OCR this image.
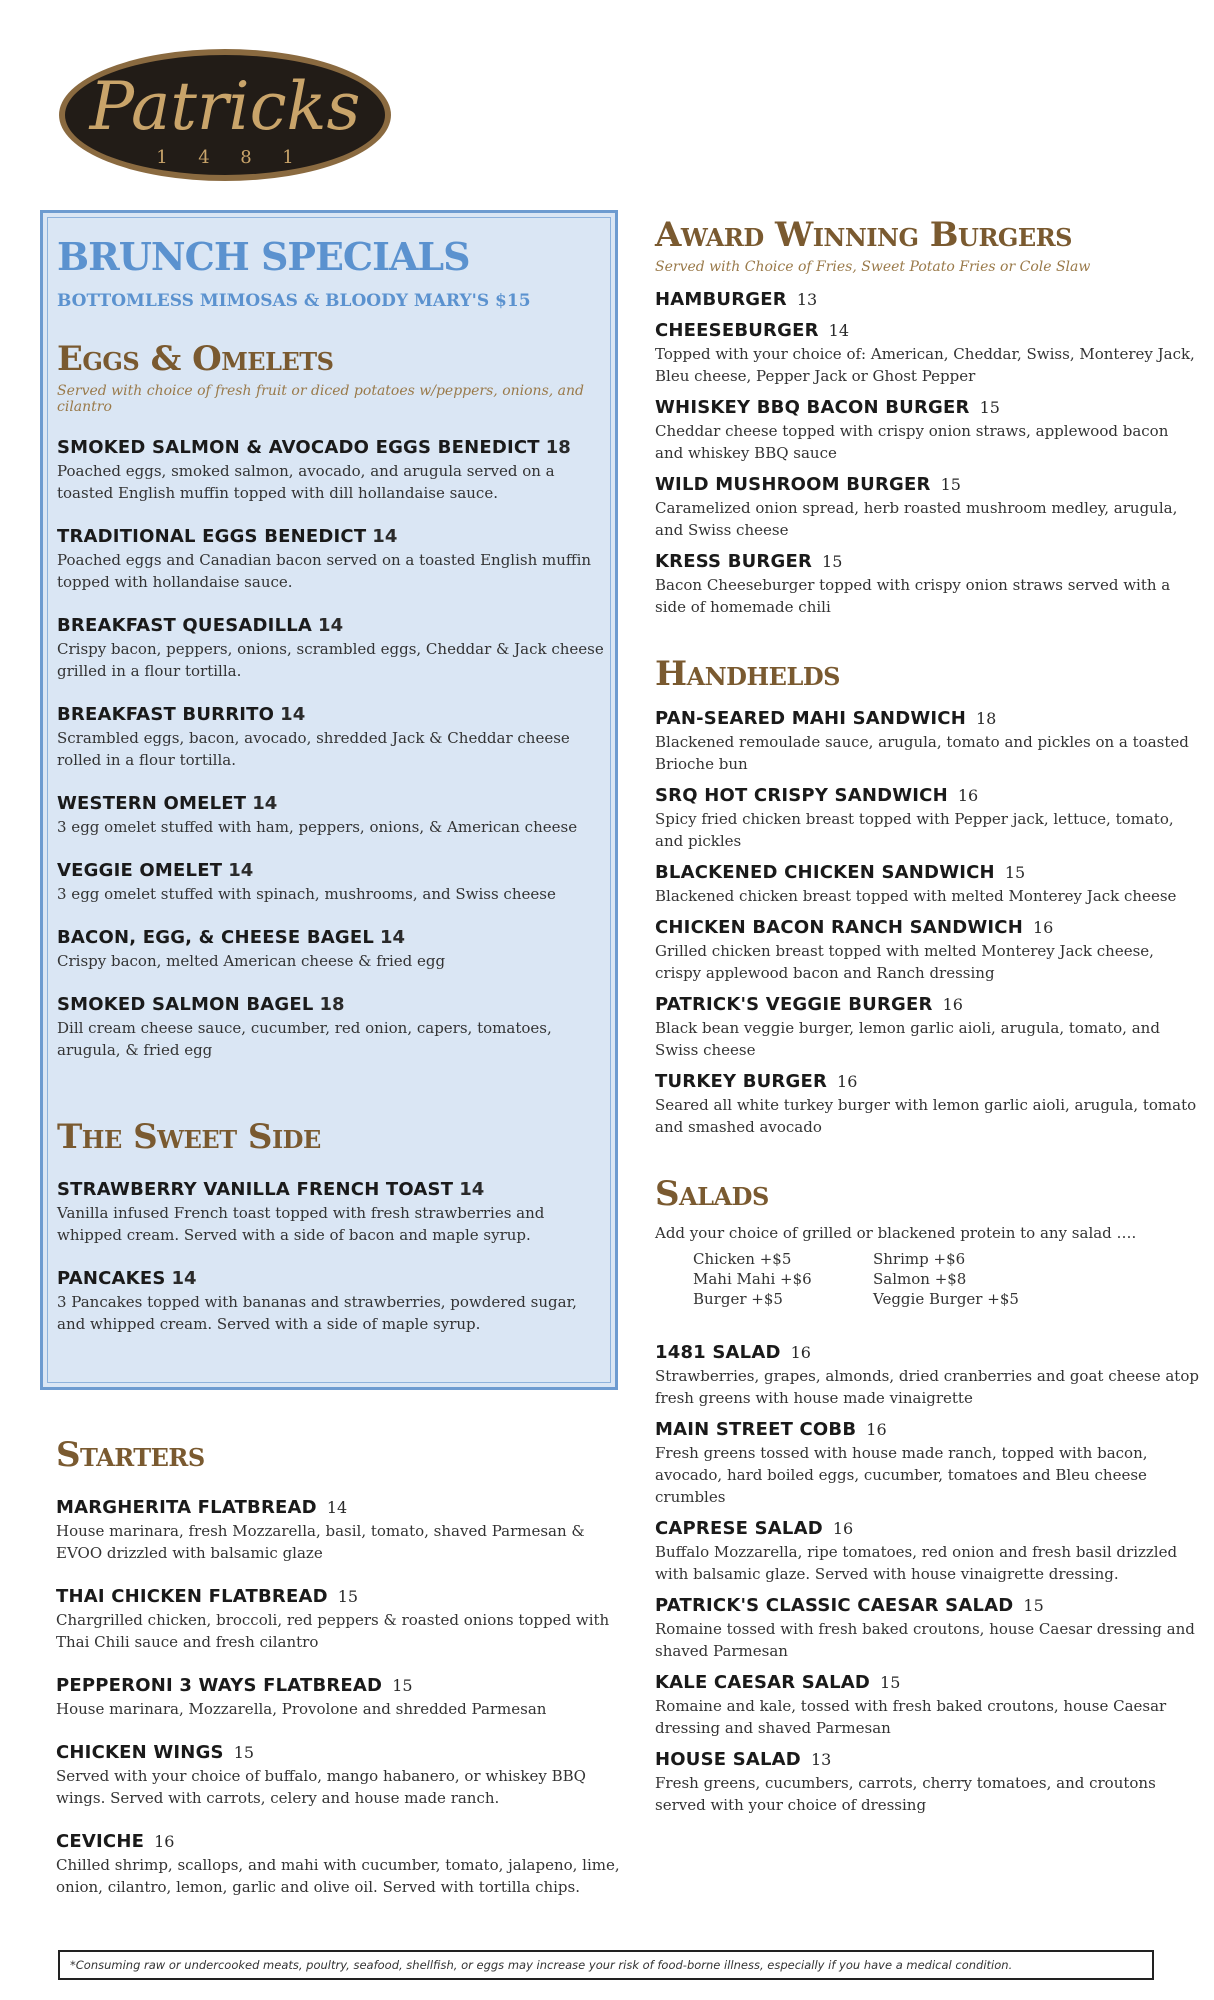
Patricks
1 4 8 1
BRUNCH SPECIALS
BOTTOMLESS MIMOSAS & BLOODY MARY'S $15
Eggs & Omelets
Served with choice of fresh fruit or diced potatoes w/peppers, onions, and cilantro
SMOKED SALMON & AVOCADO EGGS BENEDICT 18
Poached eggs, smoked salmon, avocado, and arugula served on a toasted English muffin topped with dill hollandaise sauce.
TRADITIONAL EGGS BENEDICT 14
Poached eggs and Canadian bacon served on a toasted English muffin topped with hollandaise sauce.
BREAKFAST QUESADILLA 14
Crispy bacon, peppers, onions, scrambled eggs, Cheddar & Jack cheese grilled in a flour tortilla.
BREAKFAST BURRITO 14
Scrambled eggs, bacon, avocado, shredded Jack & Cheddar cheese rolled in a flour tortilla.
WESTERN OMELET 14
3 egg omelet stuffed with ham, peppers, onions, & American cheese
VEGGIE OMELET 14
3 egg omelet stuffed with spinach, mushrooms, and Swiss cheese
BACON, EGG, & CHEESE BAGEL 14
Crispy bacon, melted American cheese & fried egg
SMOKED SALMON BAGEL 18
Dill cream cheese sauce, cucumber, red onion, capers, tomatoes, arugula, & fried egg
The Sweet Side
STRAWBERRY VANILLA FRENCH TOAST 14
Vanilla infused French toast topped with fresh strawberries and whipped cream. Served with a side of bacon and maple syrup.
PANCAKES 14
3 Pancakes topped with bananas and strawberries, powdered sugar, and whipped cream. Served with a side of maple syrup.
Starters
MARGHERITA FLATBREAD 14
House marinara, fresh Mozzarella, basil, tomato, shaved Parmesan & EVOO drizzled with balsamic glaze
THAI CHICKEN FLATBREAD 15
Chargrilled chicken, broccoli, red peppers & roasted onions topped with Thai Chili sauce and fresh cilantro
PEPPERONI 3 WAYS FLATBREAD 15
House marinara, Mozzarella, Provolone and shredded Parmesan
CHICKEN WINGS 15
Served with your choice of buffalo, mango habanero, or whiskey BBQ wings. Served with carrots, celery and house made ranch.
CEVICHE 16
Chilled shrimp, scallops, and mahi with cucumber, tomato, jalapeno, lime, onion, cilantro, lemon, garlic and olive oil. Served with tortilla chips.
Award Winning Burgers
Served with Choice of Fries, Sweet Potato Fries or Cole Slaw
HAMBURGER 13
CHEESEBURGER 14
Topped with your choice of: American, Cheddar, Swiss, Monterey Jack, Bleu cheese, Pepper Jack or Ghost Pepper
WHISKEY BBQ BACON BURGER 15
Cheddar cheese topped with crispy onion straws, applewood bacon and whiskey BBQ sauce
WILD MUSHROOM BURGER 15
Caramelized onion spread, herb roasted mushroom medley, arugula, and Swiss cheese
KRESS BURGER 15
Bacon Cheeseburger topped with crispy onion straws served with a side of homemade chili
Handhelds
PAN-SEARED MAHI SANDWICH 18
Blackened remoulade sauce, arugula, tomato and pickles on a toasted Brioche bun
SRQ HOT CRISPY SANDWICH 16
Spicy fried chicken breast topped with Pepper jack, lettuce, tomato, and pickles
BLACKENED CHICKEN SANDWICH 15
Blackened chicken breast topped with melted Monterey Jack cheese
CHICKEN BACON RANCH SANDWICH 16
Grilled chicken breast topped with melted Monterey Jack cheese, crispy applewood bacon and Ranch dressing
PATRICK'S VEGGIE BURGER 16
Black bean veggie burger, lemon garlic aioli, arugula, tomato, and Swiss cheese
TURKEY BURGER 16
Seared all white turkey burger with lemon garlic aioli, arugula, tomato and smashed avocado
Salads
Add your choice of grilled or blackened protein to any salad ….
Chicken +$5	Shrimp +$6
Mahi Mahi +$6	Salmon +$8
Burger +$5	Veggie Burger +$5
1481 SALAD 16
Strawberries, grapes, almonds, dried cranberries and goat cheese atop fresh greens with house made vinaigrette
MAIN STREET COBB 16
Fresh greens tossed with house made ranch, topped with bacon, avocado, hard boiled eggs, cucumber, tomatoes and Bleu cheese crumbles
CAPRESE SALAD 16
Buffalo Mozzarella, ripe tomatoes, red onion and fresh basil drizzled with balsamic glaze. Served with house vinaigrette dressing.
PATRICK'S CLASSIC CAESAR SALAD 15
Romaine tossed with fresh baked croutons, house Caesar dressing and shaved Parmesan
KALE CAESAR SALAD 15
Romaine and kale, tossed with fresh baked croutons, house Caesar dressing and shaved Parmesan
HOUSE SALAD 13
Fresh greens, cucumbers, carrots, cherry tomatoes, and croutons served with your choice of dressing
*Consuming raw or undercooked meats, poultry, seafood, shellfish, or eggs may increase your risk of food-borne illness, especially if you have a medical condition.
